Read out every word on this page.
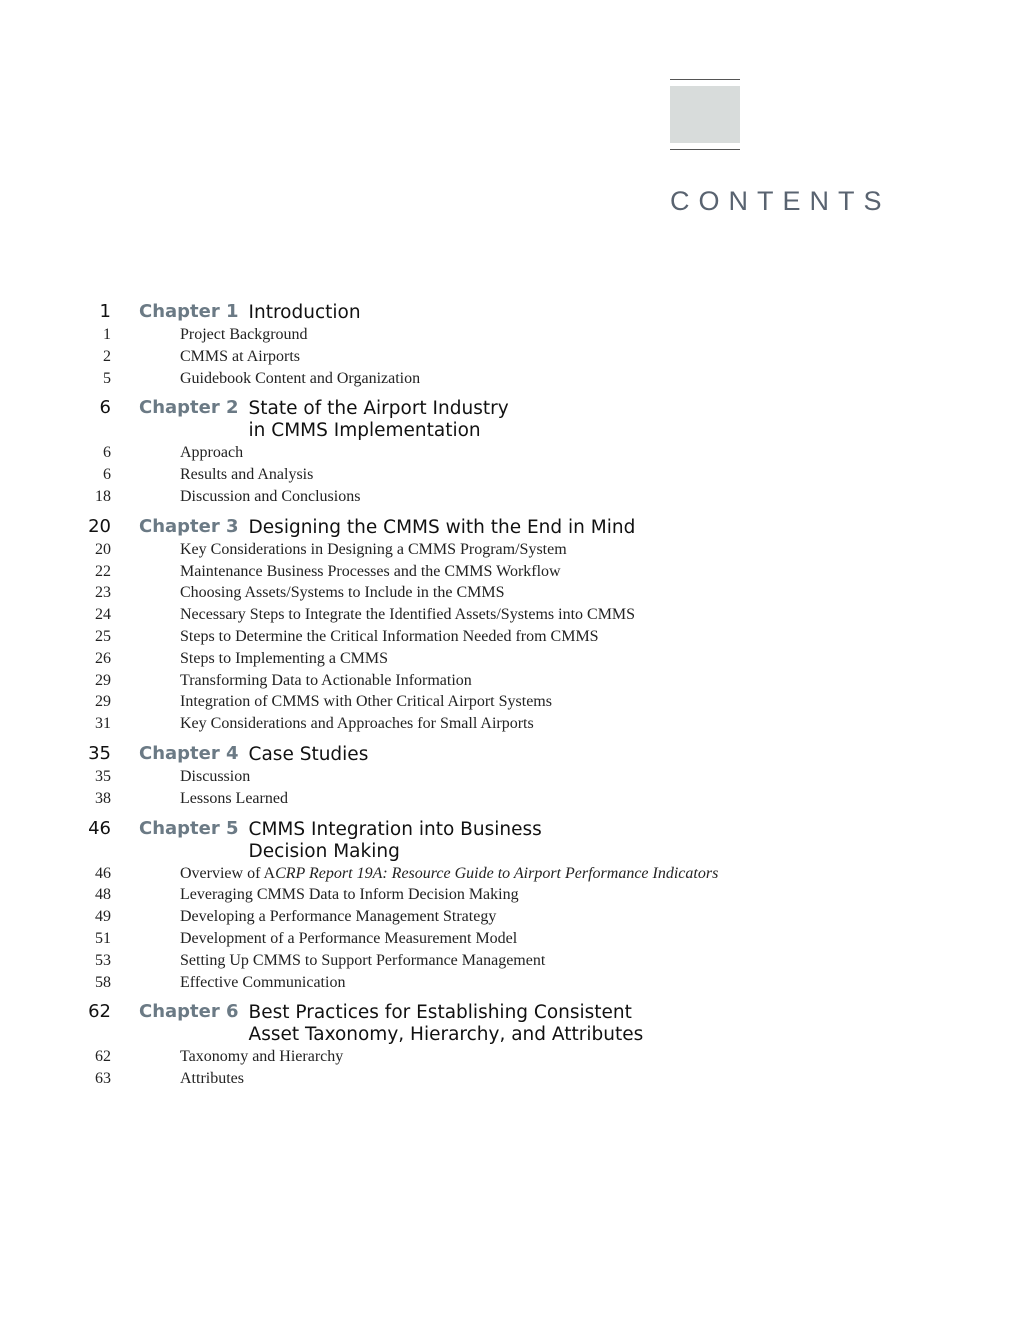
CONTENTS
1 Chapter 1 Introduction
1	Project Background
2	CMMS at Airports
5	Guidebook Content and Organization
6 Chapter 2 State of the Airport Industry
in CMMS Implementation
6	Approach
6	Results and Analysis
18	Discussion and Conclusions
20 Chapter 3 Designing the CMMS with the End in Mind
20	Key Considerations in Designing a CMMS Program/System
22	Maintenance Business Processes and the CMMS Workflow
23	Choosing Assets/Systems to Include in the CMMS
24	Necessary Steps to Integrate the Identified Assets/Systems into CMMS
25	Steps to Determine the Critical Information Needed from CMMS
26	Steps to Implementing a CMMS
29	Transforming Data to Actionable Information
29	Integration of CMMS with Other Critical Airport Systems
31	Key Considerations and Approaches for Small Airports
35 Chapter 4 Case Studies
35	Discussion
38	Lessons Learned
46 Chapter 5 CMMS Integration into Business
Decision Making
46	Overview of ACRP Report 19A: Resource Guide to Airport Performance Indicators
48	Leveraging CMMS Data to Inform Decision Making
49	Developing a Performance Management Strategy
51	Development of a Performance Measurement Model
53	Setting Up CMMS to Support Performance Management
58	Effective Communication
62 Chapter 6 Best Practices for Establishing Consistent
Asset Taxonomy, Hierarchy, and Attributes
62	Taxonomy and Hierarchy
63	Attributes
